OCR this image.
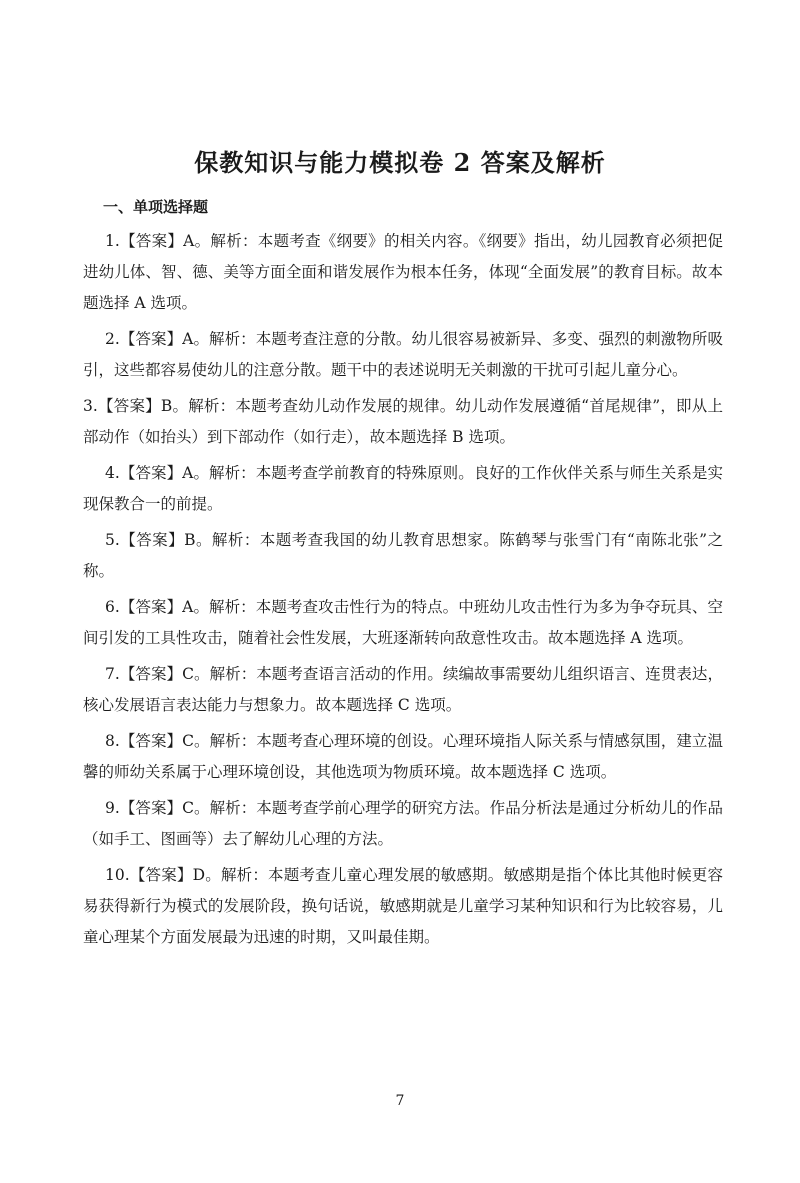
保教知识与能力模拟卷 2 答案及解析
一、单项选择题

1.【答案】A。解析：本题考查《纲要》的相关内容。《纲要》指出，幼儿园教育必须把促进幼儿体、智、德、美等方面全面和谐发展作为根本任务，体现“全面发展”的教育目标。故本题选择 A 选项。

2.【答案】A。解析：本题考查注意的分散。幼儿很容易被新异、多变、强烈的刺激物所吸引，这些都容易使幼儿的注意分散。题干中的表述说明无关刺激的干扰可引起儿童分心。

3.【答案】B。解析：本题考查幼儿动作发展的规律。幼儿动作发展遵循“首尾规律”，即从上部动作（如抬头）到下部动作（如行走），故本题选择 B 选项。

4.【答案】A。解析：本题考查学前教育的特殊原则。良好的工作伙伴关系与师生关系是实现保教合一的前提。

5.【答案】B。解析：本题考查我国的幼儿教育思想家。陈鹤琴与张雪门有“南陈北张”之称。

6.【答案】A。解析：本题考查攻击性行为的特点。中班幼儿攻击性行为多为争夺玩具、空间引发的工具性攻击，随着社会性发展，大班逐渐转向敌意性攻击。故本题选择 A 选项。

7.【答案】C。解析：本题考查语言活动的作用。续编故事需要幼儿组织语言、连贯表达，核心发展语言表达能力与想象力。故本题选择 C 选项。

8.【答案】C。解析：本题考查心理环境的创设。心理环境指人际关系与情感氛围，建立温馨的师幼关系属于心理环境创设，其他选项为物质环境。故本题选择 C 选项。

9.【答案】C。解析：本题考查学前心理学的研究方法。作品分析法是通过分析幼儿的作品（如手工、图画等）去了解幼儿心理的方法。

10.【答案】D。解析：本题考查儿童心理发展的敏感期。敏感期是指个体比其他时候更容易获得新行为模式的发展阶段，换句话说，敏感期就是儿童学习某种知识和行为比较容易，儿童心理某个方面发展最为迅速的时期，又叫最佳期。

7
